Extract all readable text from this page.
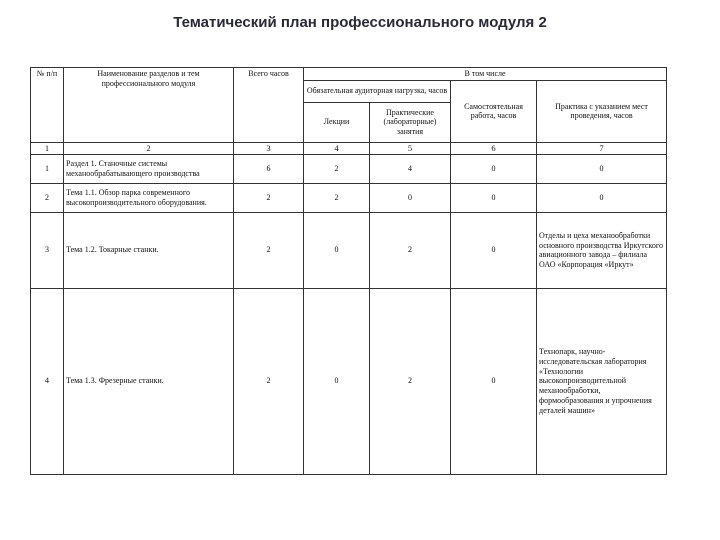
Тематический план профессионального модуля 2
№ п/п	Наименование разделов и тем профессионального модуля	Всего часов	В том числе			
			Обязательная аудиторная нагрузка, часов		Самостоятельная работа, часов	Практика с указанием мест проведения, часов
			Лекции	Практические (лабораторные) занятия		
1	2	3	4	5	6	7
1	Раздел 1. Станочные системы механообрабатывающего производства	6	2	4	0	0
2	Тема 1.1. Обзор парка современного высокопроизводительного оборудования.	2	2	0	0	0
3	Тема 1.2. Токарные станки.	2	0	2	0	Отделы и цеха механообработки основного производства Иркутского авиационного завода – филиала ОАО «Корпорация «Иркут»
4	Тема 1.3. Фрезерные станки.	2	0	2	0	Технопарк, научно-исследовательская лаборатория «Технологии высокопроизводительной механообработки, формообразования и упрочнения деталей машин»
